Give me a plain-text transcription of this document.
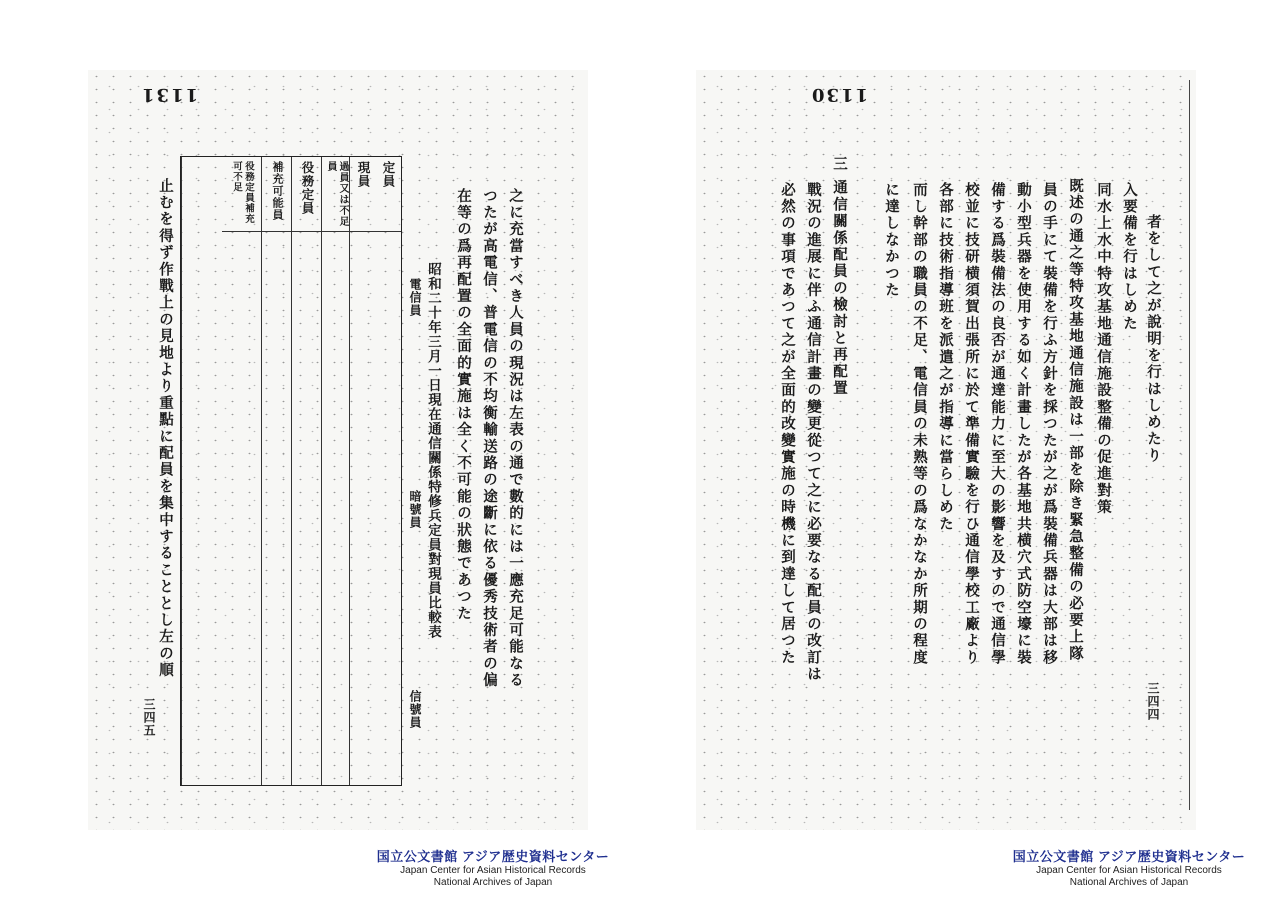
1131
之に充當すべき人員の現況は左表の通で數的には一應充足可能なる
つたが高電信、普電信の不均衡輸送路の途斷に依る優秀技術者の偏
在等の爲再配置の全面的實施は全く不可能の狀態であつた
昭和二十年三月一日現在通信關係特修兵定員對現員比較表
定員
現員
過員又は不足員
役務定員
補充可能員
役務定員補充可不足
電信員
暗號員
信號員
止むを得ず作戰上の見地より重點に配員を集中することとし左の順
三四五
1130
者をして之が說明を行はしめたり
入要備を行はしめた
同水上水中特攻基地通信施設整備の促進對策
既述の通之等特攻基地通信施設は一部を除き緊急整備の必要上隊
員の手にて裝備を行ふ方針を採つたが之が爲裝備兵器は大部は移
動小型兵器を使用する如く計畫したが各基地共横穴式防空壕に裝
備する爲裝備法の良否が通達能力に至大の影響を及すので通信學
校並に技研横須賀出張所に於て準備實驗を行ひ通信學校工廠より
各部に技術指導班を派遣之が指導に當らしめた
而し幹部の職員の不足、電信員の未熟等の爲なかなか所期の程度
に達しなかつた
三 通信關係配員の檢討と再配置
戰況の進展に伴ふ通信計畫の變更從つて之に必要なる配員の改訂は
必然の事項であつて之が全面的改變實施の時機に到達して居つた
三四四
国立公文書館 アジア歴史資料センター
Japan Center for Asian Historical Records
National Archives of Japan
国立公文書館 アジア歴史資料センター
Japan Center for Asian Historical Records
National Archives of Japan
